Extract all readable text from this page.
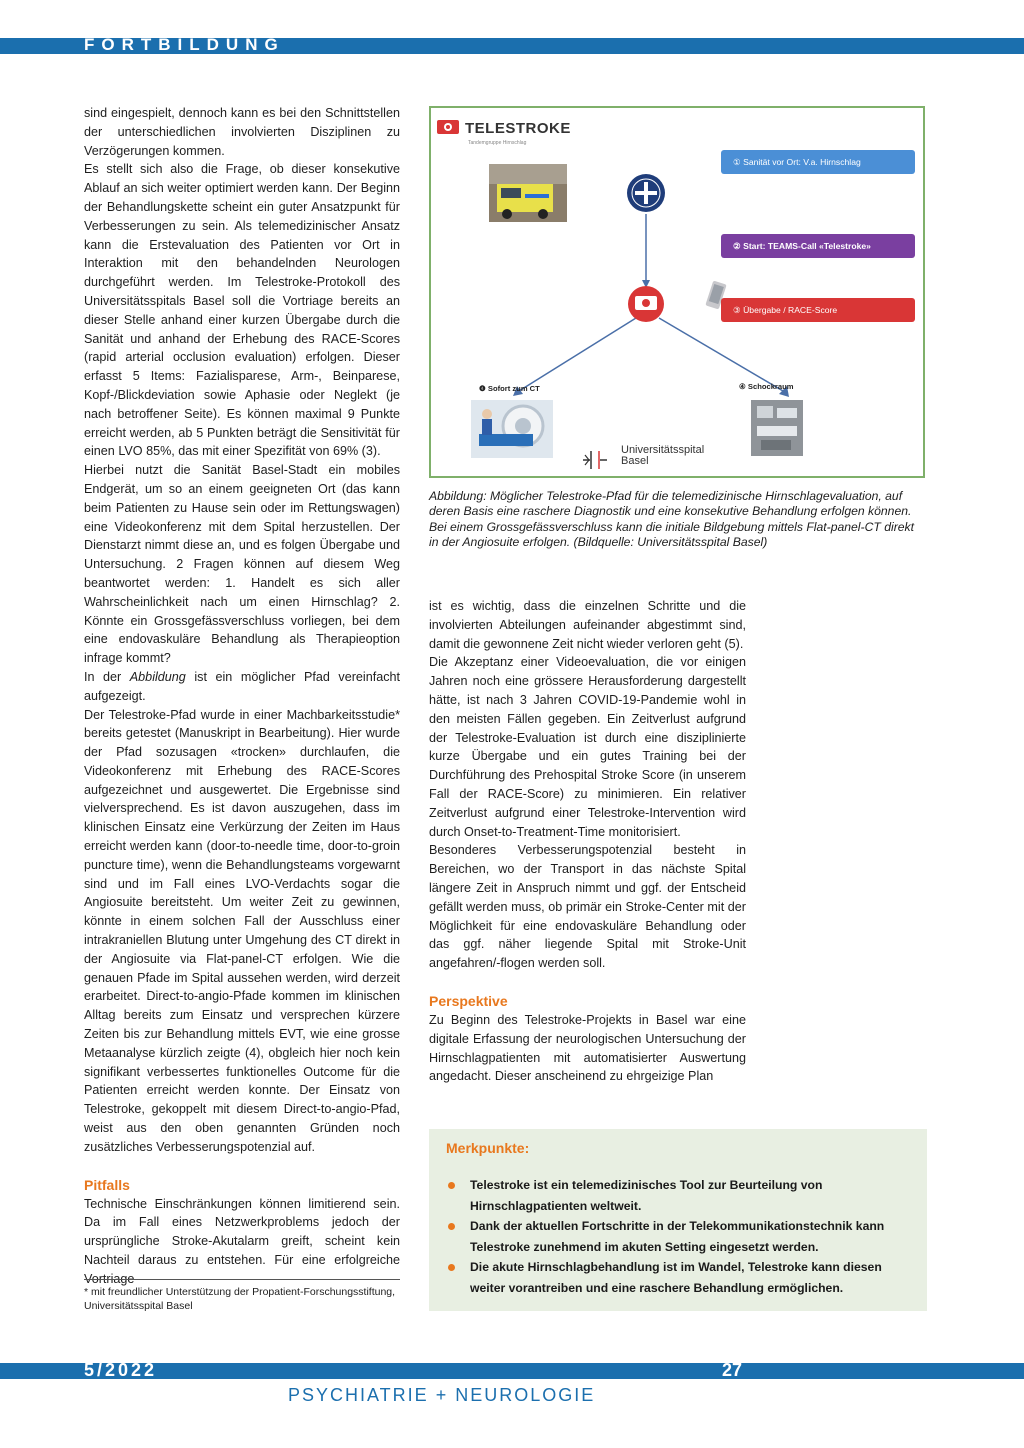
FORTBILDUNG

sind eingespielt, dennoch kann es bei den Schnittstellen der unterschiedlichen involvierten Disziplinen zu Verzögerungen kommen.

Es stellt sich also die Frage, ob dieser konsekutive Ablauf an sich weiter optimiert werden kann. Der Beginn der Behandlungskette scheint ein guter Ansatzpunkt für Verbesserungen zu sein. Als telemedizinischer Ansatz kann die Erstevaluation des Patienten vor Ort in Interaktion mit den behandelnden Neurologen durchgeführt werden. Im Telestroke-Protokoll des Universitätsspitals Basel soll die Vortriage bereits an dieser Stelle anhand einer kurzen Übergabe durch die Sanität und anhand der Erhebung des RACE-Scores (rapid arterial occlusion evaluation) erfolgen. Dieser erfasst 5 Items: Fazialisparese, Arm-, Beinparese, Kopf-/Blickdeviation sowie Aphasie oder Neglekt (je nach betroffener Seite). Es können maximal 9 Punkte erreicht werden, ab 5 Punkten beträgt die Sensitivität für einen LVO 85%, das mit einer Spezifität von 69% (3).

Hierbei nutzt die Sanität Basel-Stadt ein mobiles Endgerät, um so an einem geeigneten Ort (das kann beim Patienten zu Hause sein oder im Rettungswagen) eine Videokonferenz mit dem Spital herzustellen. Der Dienstarzt nimmt diese an, und es folgen Übergabe und Untersuchung. 2 Fragen können auf diesem Weg beantwortet werden: 1. Handelt es sich aller Wahrscheinlichkeit nach um einen Hirnschlag? 2. Könnte ein Grossgefässverschluss vorliegen, bei dem eine endovaskuläre Behandlung als Therapieoption infrage kommt?

In der Abbildung ist ein möglicher Pfad vereinfacht aufgezeigt.

Der Telestroke-Pfad wurde in einer Machbarkeitsstudie* bereits getestet (Manuskript in Bearbeitung). Hier wurde der Pfad sozusagen «trocken» durchlaufen, die Videokonferenz mit Erhebung des RACE-Scores aufgezeichnet und ausgewertet. Die Ergebnisse sind vielversprechend. Es ist davon auszugehen, dass im klinischen Einsatz eine Verkürzung der Zeiten im Haus erreicht werden kann (door-to-needle time, door-to-groin puncture time), wenn die Behandlungsteams vorgewarnt sind und im Fall eines LVO-Verdachts sogar die Angiosuite bereitsteht. Um weiter Zeit zu gewinnen, könnte in einem solchen Fall der Ausschluss einer intrakraniellen Blutung unter Umgehung des CT direkt in der Angiosuite via Flat-panel-CT erfolgen. Wie die genauen Pfade im Spital aussehen werden, wird derzeit erarbeitet. Direct-to-angio-Pfade kommen im klinischen Alltag bereits zum Einsatz und versprechen kürzere Zeiten bis zur Behandlung mittels EVT, wie eine grosse Metaanalyse kürzlich zeigte (4), obgleich hier noch kein signifikant verbessertes funktionelles Outcome für die Patienten erreicht werden konnte. Der Einsatz von Telestroke, gekoppelt mit diesem Direct-to-angio-Pfad, weist aus den oben genannten Gründen noch zusätzliches Verbesserungspotenzial auf.

Pitfalls

Technische Einschränkungen können limitierend sein. Da im Fall eines Netzwerkproblems jedoch der ursprüngliche Stroke-Akutalarm greift, scheint kein Nachteil daraus zu entstehen. Für eine erfolgreiche Vortriage

* mit freundlicher Unterstützung der Propatient-Forschungsstiftung, Universitätsspital Basel
TELESTROKE
Tandemgruppe Hirnschlag
① Sanität vor Ort: V.a. Hirnschlag
② Start: TEAMS-Call «Telestroke»
③ Übergabe / RACE-Score
❹ Sofort zum CT	④ Schockraum
Universitätsspital
Basel
Abbildung: Möglicher Telestroke-Pfad für die telemedizinische Hirnschlagevaluation, auf deren Basis eine raschere Diagnostik und eine konsekutive Behandlung erfolgen können. Bei einem Grossgefässverschluss kann die initiale Bildgebung mittels Flat-panel-CT direkt in der Angiosuite erfolgen. (Bildquelle: Universitätsspital Basel)

ist es wichtig, dass die einzelnen Schritte und die involvierten Abteilungen aufeinander abgestimmt sind, damit die gewonnene Zeit nicht wieder verloren geht (5).

Die Akzeptanz einer Videoevaluation, die vor einigen Jahren noch eine grössere Herausforderung dargestellt hätte, ist nach 3 Jahren COVID-19-Pandemie wohl in den meisten Fällen gegeben. Ein Zeitverlust aufgrund der Telestroke-Evaluation ist durch eine disziplinierte kurze Übergabe und ein gutes Training bei der Durchführung des Prehospital Stroke Score (in unserem Fall der RACE-Score) zu minimieren. Ein relativer Zeitverlust aufgrund einer Telestroke-Intervention wird durch Onset-to-Treatment-Time monitorisiert.

Besonderes Verbesserungspotenzial besteht in Bereichen, wo der Transport in das nächste Spital längere Zeit in Anspruch nimmt und ggf. der Entscheid gefällt werden muss, ob primär ein Stroke-Center mit der Möglichkeit für eine endovaskuläre Behandlung oder das ggf. näher liegende Spital mit Stroke-Unit angefahren/-flogen werden soll.

Perspektive

Zu Beginn des Telestroke-Projekts in Basel war eine digitale Erfassung der neurologischen Untersuchung der Hirnschlagpatienten mit automatisierter Auswertung angedacht. Dieser anscheinend zu ehrgeizige Plan

Merkpunkte:
Telestroke ist ein telemedizinisches Tool zur Beurteilung von Hirnschlagpatienten weltweit.
Dank der aktuellen Fortschritte in der Telekommunikationstechnik kann Telestroke zunehmend im akuten Setting eingesetzt werden.
Die akute Hirnschlagbehandlung ist im Wandel, Telestroke kann diesen weiter vorantreiben und eine raschere Behandlung ermöglichen.
5/2022	27
PSYCHIATRIE + NEUROLOGIE
